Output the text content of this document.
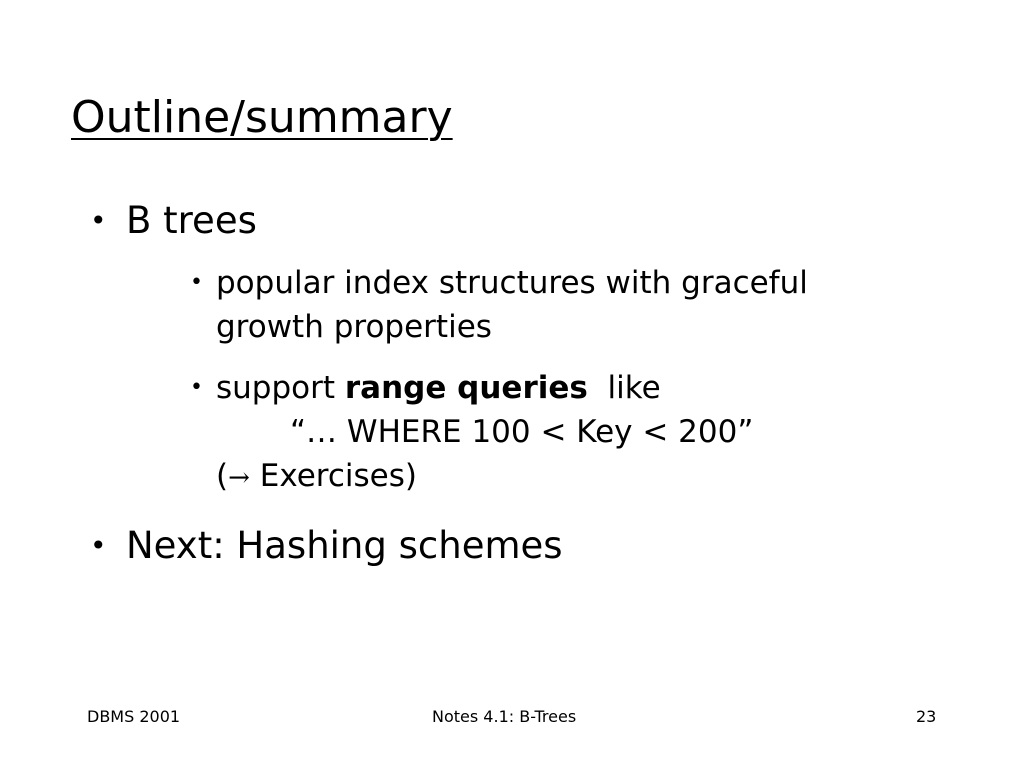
Outline/summary
• B trees
• popular index structures with graceful
growth properties
• support range queries  like
“… WHERE 100 < Key < 200”
(→ Exercises)
• Next: Hashing schemes
DBMS 2001	Notes 4.1: B-Trees	23
